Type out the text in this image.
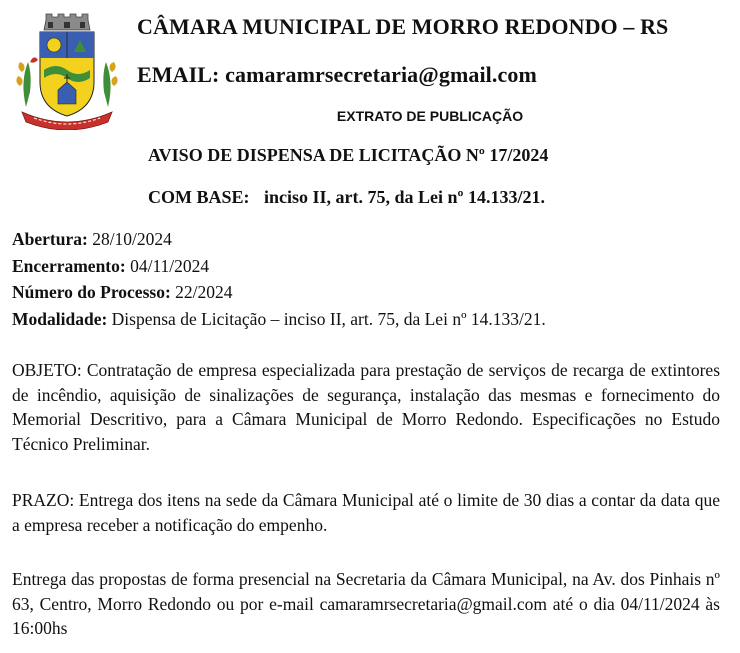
CÂMARA MUNICIPAL DE MORRO REDONDO – RS
EMAIL: camaramrsecretaria@gmail.com
EXTRATO DE PUBLICAÇÃO
AVISO DE DISPENSA DE LICITAÇÃO Nº 17/2024
COM BASE: inciso II, art. 75, da Lei nº 14.133/21.
Abertura: 28/10/2024
Encerramento: 04/11/2024
Número do Processo: 22/2024
Modalidade: Dispensa de Licitação – inciso II, art. 75, da Lei nº 14.133/21.
OBJETO: Contratação de empresa especializada para prestação de serviços de recarga de extintores de incêndio, aquisição de sinalizações de segurança, instalação das mesmas e fornecimento do Memorial Descritivo, para a Câmara Municipal de Morro Redondo. Especificações no Estudo Técnico Preliminar.
PRAZO: Entrega dos itens na sede da Câmara Municipal até o limite de 30 dias a contar da data que a empresa receber a notificação do empenho.
Entrega das propostas de forma presencial na Secretaria da Câmara Municipal, na Av. dos Pinhais nº 63, Centro, Morro Redondo ou por e-mail camaramrsecretaria@gmail.com até o dia 04/11/2024 às 16:00hs
